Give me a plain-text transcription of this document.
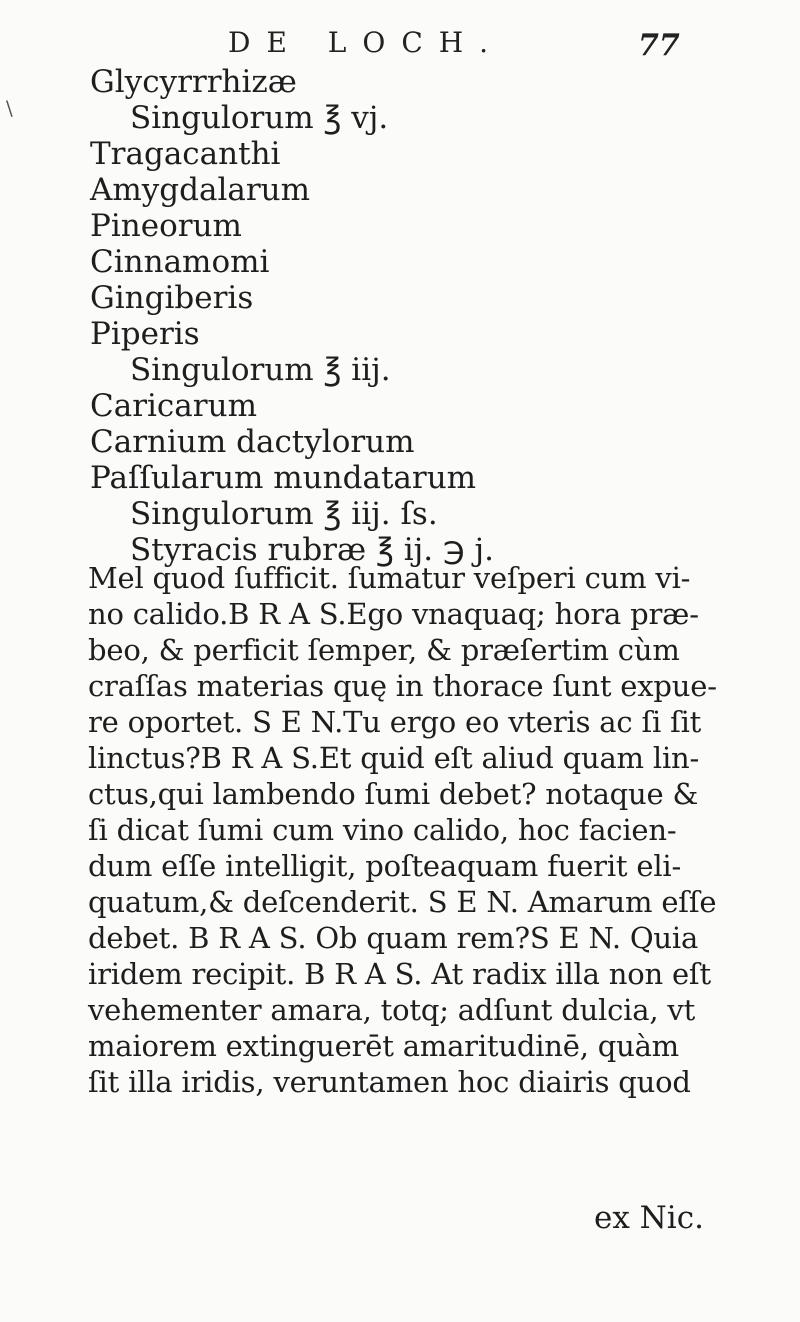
DE LOCH.	77
\
Glycyrrrhizæ
Singulorum ℥ vj.
Tragacanthi
Amygdalarum
Pineorum
Cinnamomi
Gingiberis
Piperis
Singulorum ℥ iij.
Caricarum
Carnium dactylorum
Paſſularum mundatarum
Singulorum ℥ iij. ſs.
Styracis rubræ ℥ ij. ℈ j.
Mel quod ſufficit. ſumatur veſperi cum vi-
no calido.B R A S.Ego vnaquaq; hora præ-
beo, & perficit ſemper, & præſertim cùm
craſſas materias quę in thorace ſunt expue-
re oportet. S E N.Tu ergo eo vteris ac ſi ſit
linctus?B R A S.Et quid eſt aliud quam lin-
ctus,qui lambendo ſumi debet? notaque &
ſi dicat ſumi cum vino calido, hoc facien-
dum eſſe intelligit, poſteaquam fuerit eli-
quatum,& deſcenderit. S E N. Amarum eſſe
debet. B R A S. Ob quam rem?S E N. Quia
iridem recipit. B R A S. At radix illa non eſt
vehementer amara, totq; adſunt dulcia, vt
maiorem extinguerēt amaritudinē, quàm
ſit illa iridis, veruntamen hoc diairis quod
ex Nic.
